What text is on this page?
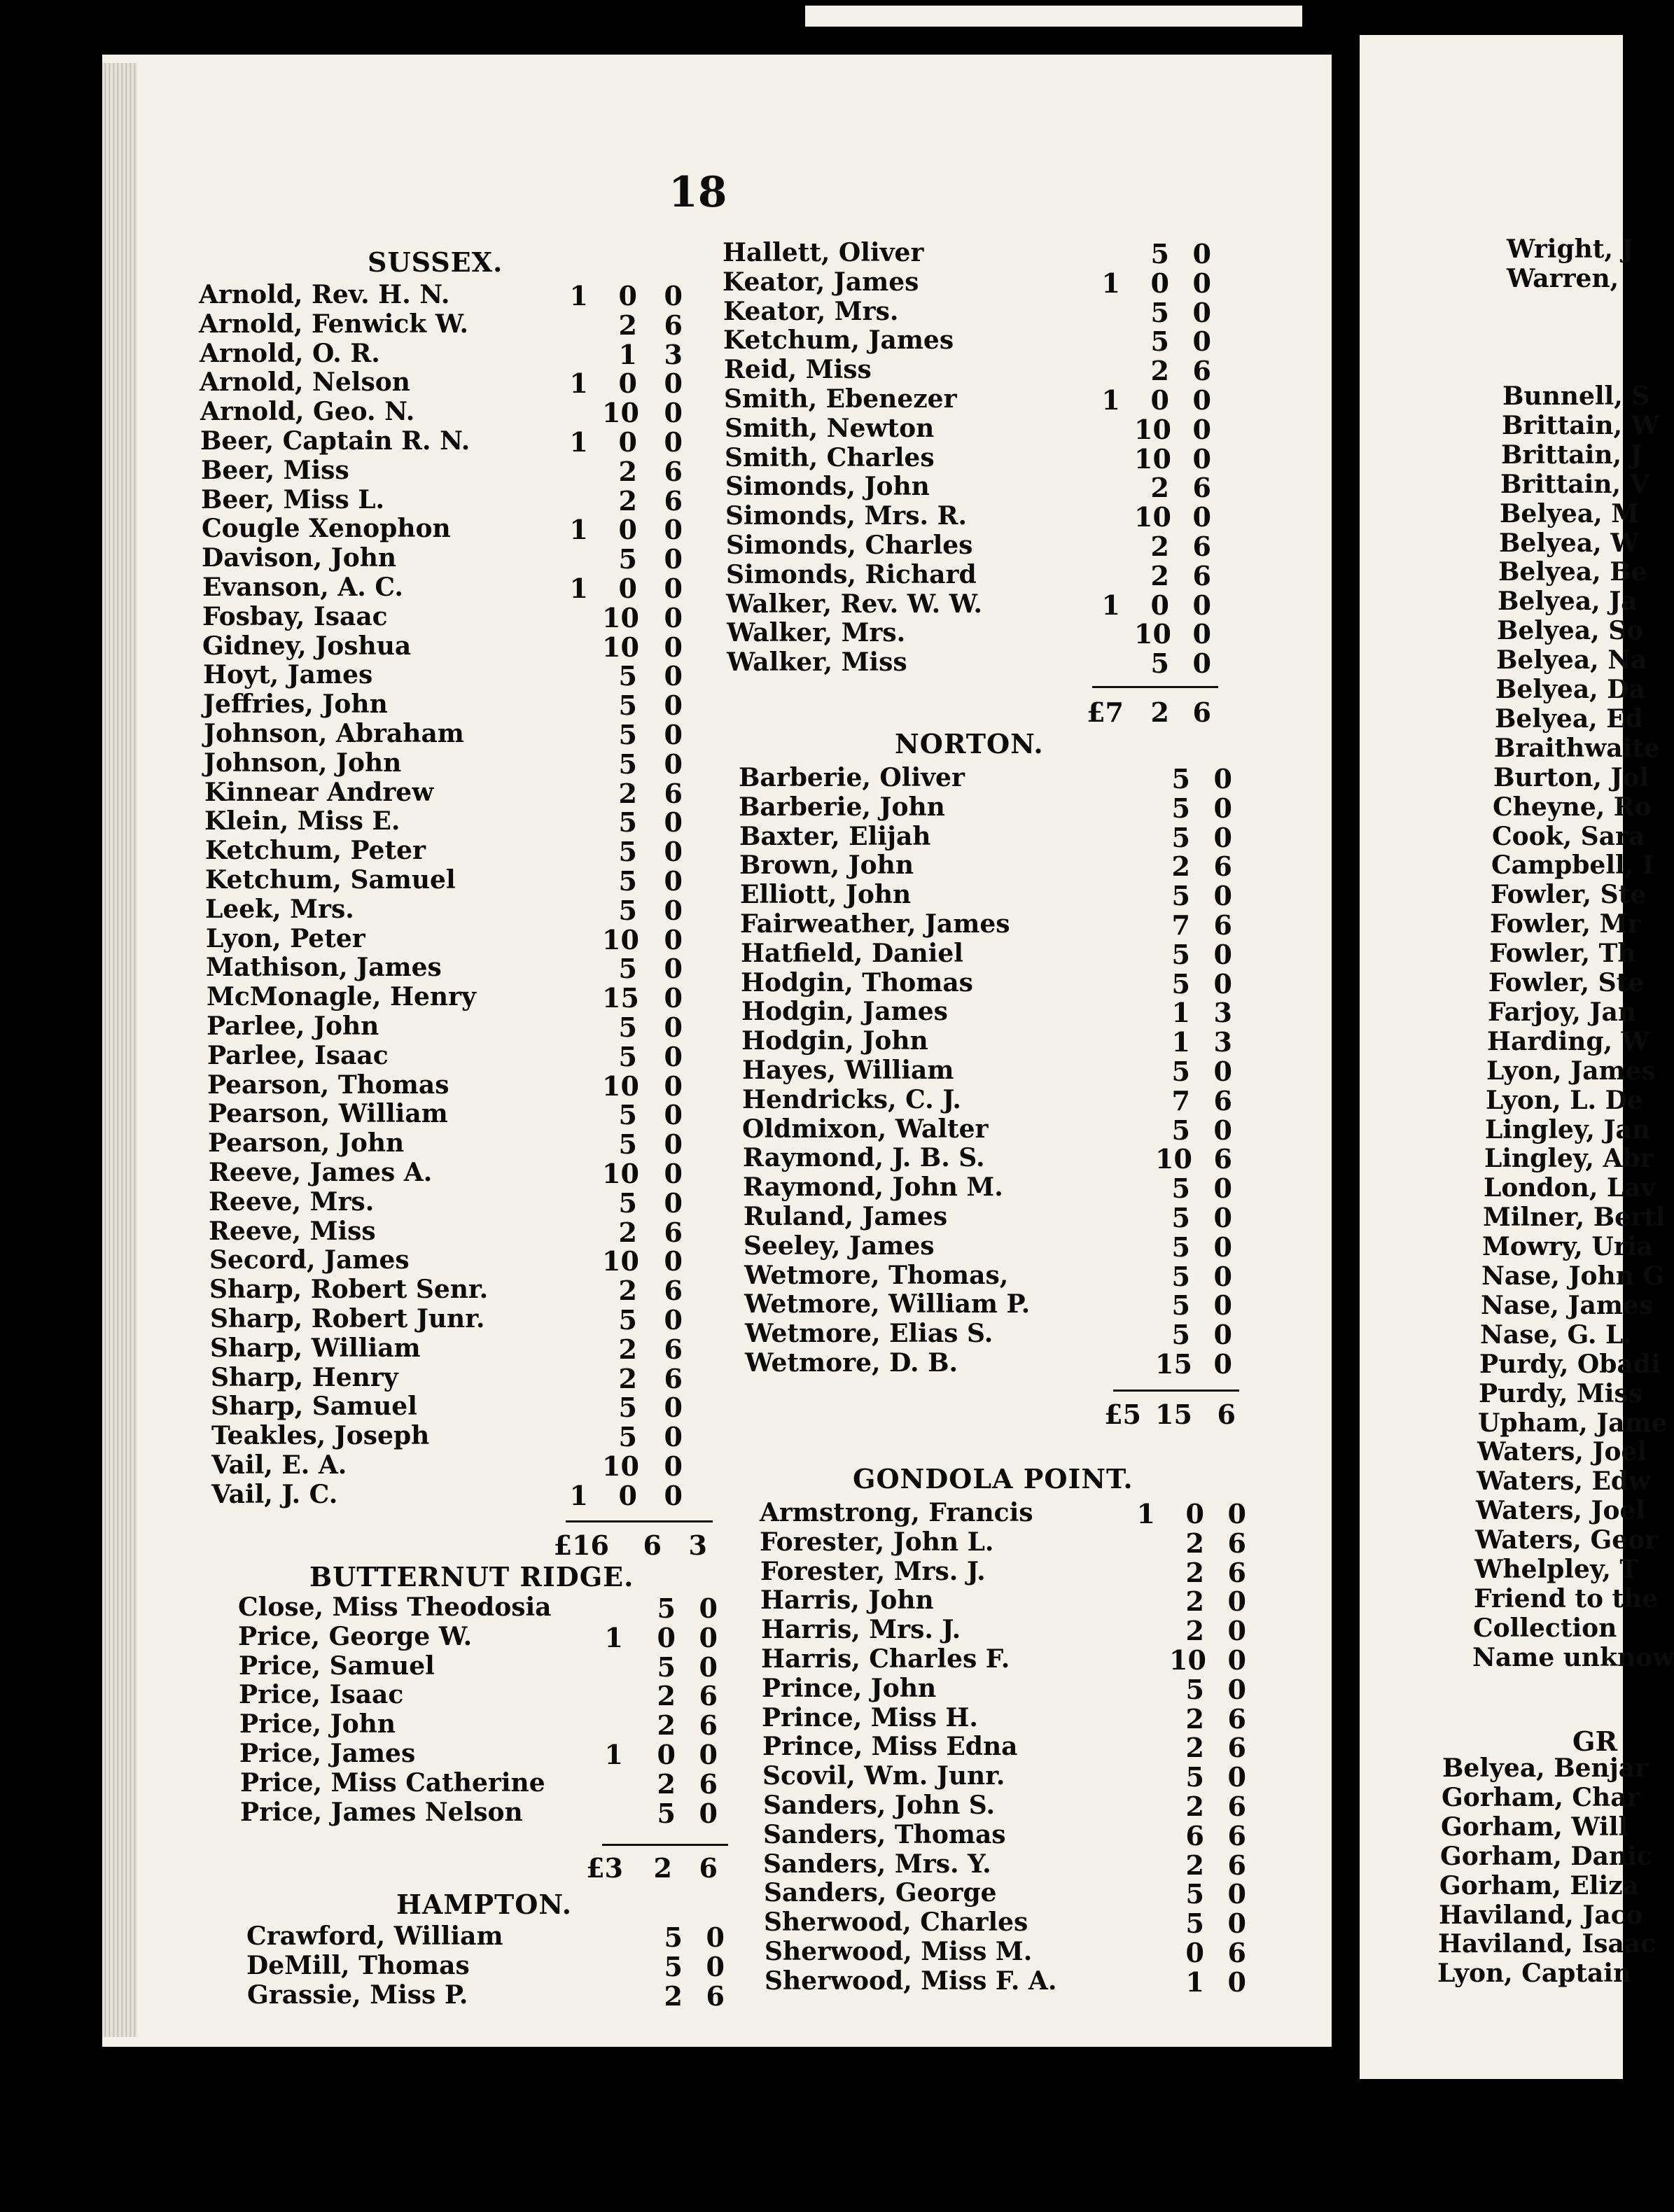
18
SUSSEX.
Arnold, Rev. H. N.	1	0	0
Arnold, Fenwick W.	2	6
Arnold, O. R.	1	3
Arnold, Nelson	1	0	0
Arnold, Geo. N.	10 0
Beer, Captain R. N.	1	0	0
Beer, Miss	2	6
Beer, Miss L.	2	6
Cougle Xenophon	1	0	0
Davison, John	5	0
Evanson, A. C.	1	0	0
Fosbay, Isaac	10 0
Gidney, Joshua	10 0
Hoyt, James	5	0
Jeffries, John	5	0
Johnson, Abraham	5	0
Johnson, John	5	0
Kinnear Andrew	2	6
Klein, Miss E.	5	0
Ketchum, Peter	5	0
Ketchum, Samuel	5	0
Leek, Mrs.	5	0
Lyon, Peter	10 0
Mathison, James	5	0
McMonagle, Henry	15 0
Parlee, John	5	0
Parlee, Isaac	5	0
Pearson, Thomas	10 0
Pearson, William	5	0
Pearson, John	5	0
Reeve, James A.	10 0
Reeve, Mrs.	5	0
Reeve, Miss	2	6
Secord, James	10 0
Sharp, Robert Senr.	2	6
Sharp, Robert Junr.	5	0
Sharp, William	2	6
Sharp, Henry	2	6
Sharp, Samuel	5	0
Teakles, Joseph	5	0
Vail, E. A.	10 0
Vail, J. C.	1	0	0
£16	6	3
BUTTERNUT RIDGE.
Close, Miss Theodosia	5 0
Price, George W.	1	0 0
Price, Samuel	5 0
Price, Isaac	2 6
Price, John	2 6
Price, James	1	0 0
Price, Miss Catherine	2 6
Price, James Nelson	5 0
£3	2	6
HAMPTON.
Crawford, William	5 0
DeMill, Thomas	5 0
Grassie, Miss P.	2 6
Hallett, Oliver	5 0
Keator, James	1	0 0
Keator, Mrs.	5 0
Ketchum, James	5 0
Reid, Miss	2 6
Smith, Ebenezer	1	0 0
Smith, Newton	10 0
Smith, Charles	10 0
Simonds, John	2 6
Simonds, Mrs. R.	10 0
Simonds, Charles	2 6
Simonds, Richard	2 6
Walker, Rev. W. W.	1	0 0
Walker, Mrs.	10 0
Walker, Miss	5 0
£7	2 6
NORTON.
Barberie, Oliver	5 0
Barberie, John	5 0
Baxter, Elijah	5 0
Brown, John	2 6
Elliott, John	5 0
Fairweather, James	7 6
Hatfield, Daniel	5 0
Hodgin, Thomas	5 0
Hodgin, James	1 3
Hodgin, John	1 3
Hayes, William	5 0
Hendricks, C. J.	7 6
Oldmixon, Walter	5 0
Raymond, J. B. S.	10 6
Raymond, John M.	5 0
Ruland, James	5 0
Seeley, James	5 0
Wetmore, Thomas,	5 0
Wetmore, William P.	5 0
Wetmore, Elias S.	5 0
Wetmore, D. B.	15 0
£5 15 6
GONDOLA POINT.
Armstrong, Francis	1	0 0
Forester, John L.	2 6
Forester, Mrs. J.	2 6
Harris, John	2 0
Harris, Mrs. J.	2 0
Harris, Charles F.	10 0
Prince, John	5 0
Prince, Miss H.	2 6
Prince, Miss Edna	2 6
Scovil, Wm. Junr.	5 0
Sanders, John S.	2 6
Sanders, Thomas	6 6
Sanders, Mrs. Y.	2 6
Sanders, George	5 0
Sherwood, Charles	5 0
Sherwood, Miss M.	0 6
Sherwood, Miss F. A.	1 0
Wright, J
Warren,
Bunnell, S
Brittain, W
Brittain, J
Brittain, V
Belyea, M
Belyea, W
Belyea, Be
Belyea, Ja
Belyea, So
Belyea, Na
Belyea, Da
Belyea, Ed
Braithwaite
Burton, Jol
Cheyne, Ro
Cook, Sara
Campbell, I
Fowler, Ste
Fowler, Mr
Fowler, Th
Fowler, Ste
Farjoy, Jan
Harding, W
Lyon, James
Lyon, L. De
Lingley, Jan
Lingley, Abr
London, Lav
Milner, Bertl
Mowry, Uria
Nase, John G
Nase, James
Nase, G. L.
Purdy, Obadi
Purdy, Miss
Upham, Jame
Waters, Joel
Waters, Edw
Waters, Joel
Waters, Geor
Whelpley, T
Friend to the
Collection
Name unknow
GR
Belyea, Benjar
Gorham, Char
Gorham, Will
Gorham, Danic
Gorham, Eliza
Haviland, Jaco
Haviland, Isaac
Lyon, Captain
